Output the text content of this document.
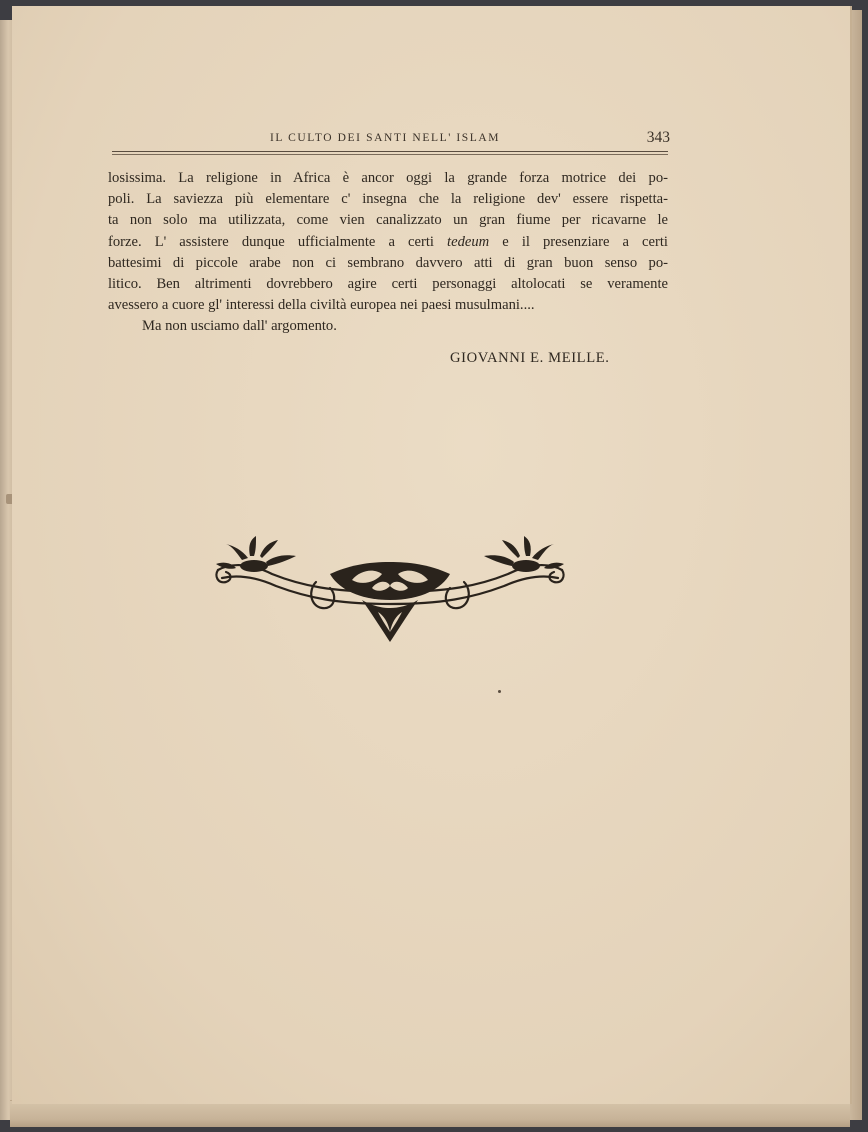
IL CULTO DEI SANTI NELL' ISLAM	343
losissima. La religione in Africa è ancor oggi la grande forza motrice dei po-
poli. La saviezza più elementare c' insegna che la religione dev' essere rispetta-
ta non solo ma utilizzata, come vien canalizzato un gran fiume per ricavarne le
forze. L' assistere dunque ufficialmente a certi tedeum e il presenziare a certi
battesimi di piccole arabe non ci sembrano davvero atti di gran buon senso po-
litico. Ben altrimenti dovrebbero agire certi personaggi altolocati se veramente
avessero a cuore gl' interessi della civiltà europea nei paesi musulmani....
Ma non usciamo dall' argomento.
GIOVANNI E. MEILLE.
